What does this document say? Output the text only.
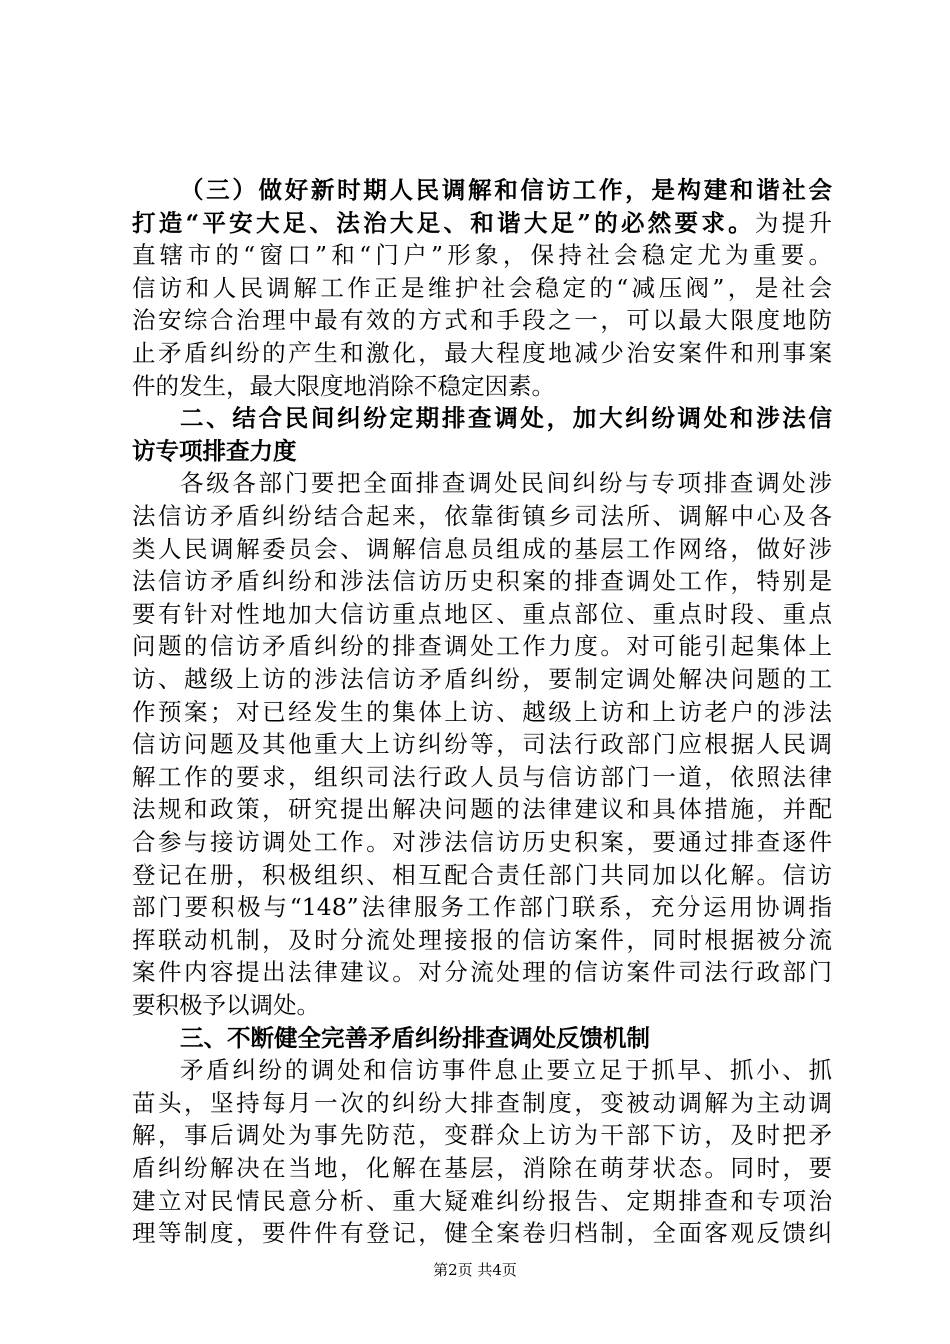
（三）做好新时期人民调解和信访工作，是构建和谐社会
打造“平安大足、法治大足、和谐大足”的必然要求。为提升
直辖市的“窗口”和“门户”形象，保持社会稳定尤为重要。
信访和人民调解工作正是维护社会稳定的“减压阀”，是社会
治安综合治理中最有效的方式和手段之一，可以最大限度地防
止矛盾纠纷的产生和激化，最大程度地减少治安案件和刑事案
件的发生，最大限度地消除不稳定因素。
二、结合民间纠纷定期排查调处，加大纠纷调处和涉法信
访专项排查力度
各级各部门要把全面排查调处民间纠纷与专项排查调处涉
法信访矛盾纠纷结合起来，依靠街镇乡司法所、调解中心及各
类人民调解委员会、调解信息员组成的基层工作网络，做好涉
法信访矛盾纠纷和涉法信访历史积案的排查调处工作，特别是
要有针对性地加大信访重点地区、重点部位、重点时段、重点
问题的信访矛盾纠纷的排查调处工作力度。对可能引起集体上
访、越级上访的涉法信访矛盾纠纷，要制定调处解决问题的工
作预案；对已经发生的集体上访、越级上访和上访老户的涉法
信访问题及其他重大上访纠纷等，司法行政部门应根据人民调
解工作的要求，组织司法行政人员与信访部门一道，依照法律
法规和政策，研究提出解决问题的法律建议和具体措施，并配
合参与接访调处工作。对涉法信访历史积案，要通过排查逐件
登记在册，积极组织、相互配合责任部门共同加以化解。信访
部门要积极与“148”法律服务工作部门联系，充分运用协调指
挥联动机制，及时分流处理接报的信访案件，同时根据被分流
案件内容提出法律建议。对分流处理的信访案件司法行政部门
要积极予以调处。
三、不断健全完善矛盾纠纷排查调处反馈机制
矛盾纠纷的调处和信访事件息止要立足于抓早、抓小、抓
苗头，坚持每月一次的纠纷大排查制度，变被动调解为主动调
解，事后调处为事先防范，变群众上访为干部下访，及时把矛
盾纠纷解决在当地，化解在基层，消除在萌芽状态。同时，要
建立对民情民意分析、重大疑难纠纷报告、定期排查和专项治
理等制度，要件件有登记，健全案卷归档制，全面客观反馈纠
第2页 共4页
